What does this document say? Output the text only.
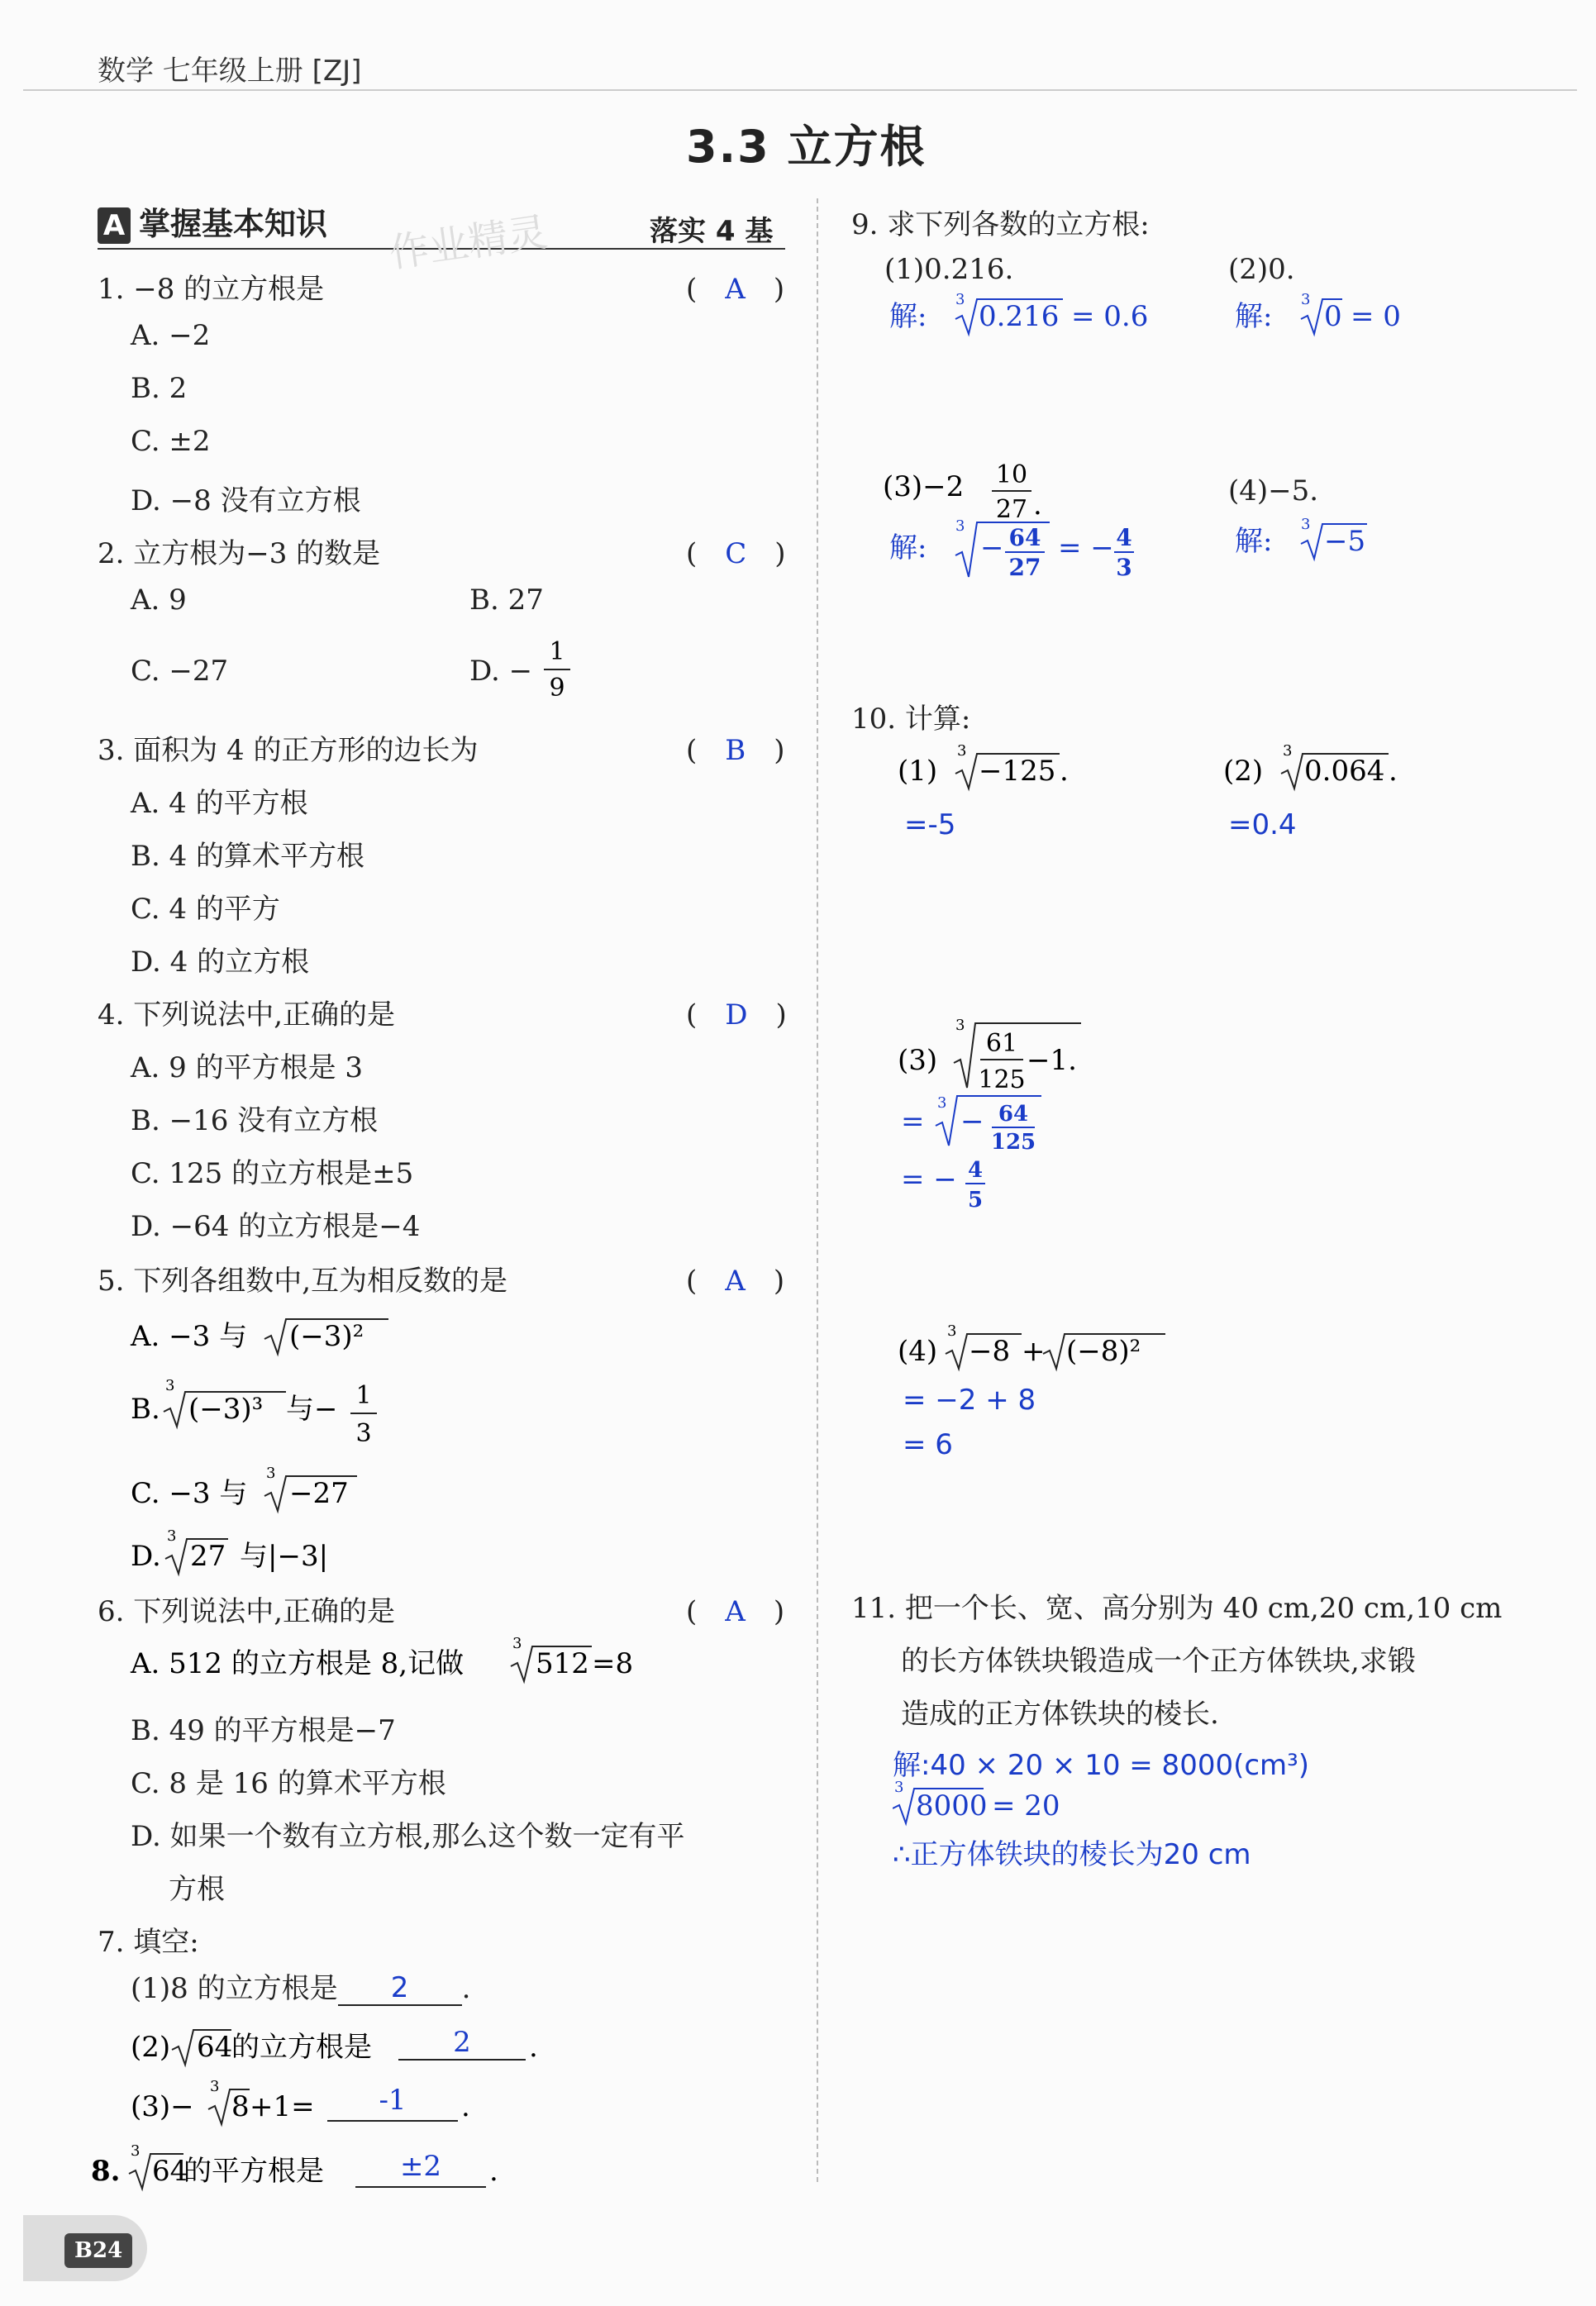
数学 七年级上册 [ZJ]
3.3 立方根
A 掌握基本知识	落实 4 基
作业精灵
1. −8 的立方根是	(　A　)
A. −2
B. 2
C. ±2
D. −8 没有立方根
2. 立方根为−3 的数是	(　C　)
A. 9	B. 27
C. −27	D. −
1
9
3. 面积为 4 的正方形的边长为	(　B　)
A. 4 的平方根
B. 4 的算术平方根
C. 4 的平方
D. 4 的立方根
4. 下列说法中,正确的是	(　D　)
A. 9 的平方根是 3
B. −16 没有立方根
C. 125 的立方根是±5
D. −64 的立方根是−4
5. 下列各组数中,互为相反数的是	(　A　)
A. −3 与 (−3)²
B.
3
(−3)³ 与− 1
3
C. −3 与
3
−27
D.
3
27 与|−3|
6. 下列说法中,正确的是	(　A　)
A. 512 的立方根是 8,记做
3
512 =8
B. 49 的平方根是−7
C. 8 是 16 的算术平方根
D. 如果一个数有立方根,那么这个数一定有平
方根
7. 填空:
(1)8 的立方根是 2 .
(2) 64
的立方根是	2 .
(3)−
3
8 +1= -1 .
8.
3
64
的平方根是	±2 .
9. 求下列各数的立方根:
(1)0.216.	(2)0.
解:
3
0.216 = 0.6	解:
3
0 = 0
(3)−2 10
27 .	(4)−5.
解:
3
− 64
27
= − 4
3
解:
3
−5
10. 计算:
(1)
3
−125 .	(2)
3
0.064 .
=-5	=0.4
(3)
3
61
125
−1.
=
3
− 64
125
= − 4
5
(4)
3
−8 + (−8)²
= −2 + 8
= 6
11. 把一个长、宽、高分别为 40 cm,20 cm,10 cm
的长方体铁块锻造成一个正方体铁块,求锻
造成的正方体铁块的棱长.
解:40 × 20 × 10 = 8000(cm³)
3
8000 = 20
∴正方体铁块的棱长为20 cm
B24
